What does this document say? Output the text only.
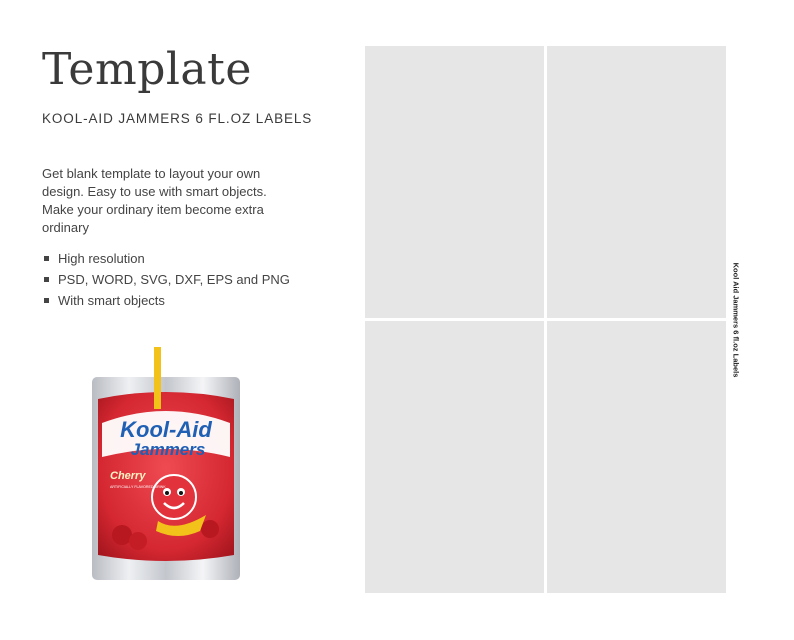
Template
KOOL-AID JAMMERS 6 FL.OZ LABELS
Get blank template to layout your own design. Easy to use with smart objects. Make your ordinary item become extra ordinary
High resolution
PSD, WORD, SVG, DXF, EPS and PNG
With smart objects
Kool-Aid
Jammers
Cherry
ARTIFICIALLY FLAVORED DRINK
Kool Aid Jammers 6 fl.oz Labels
